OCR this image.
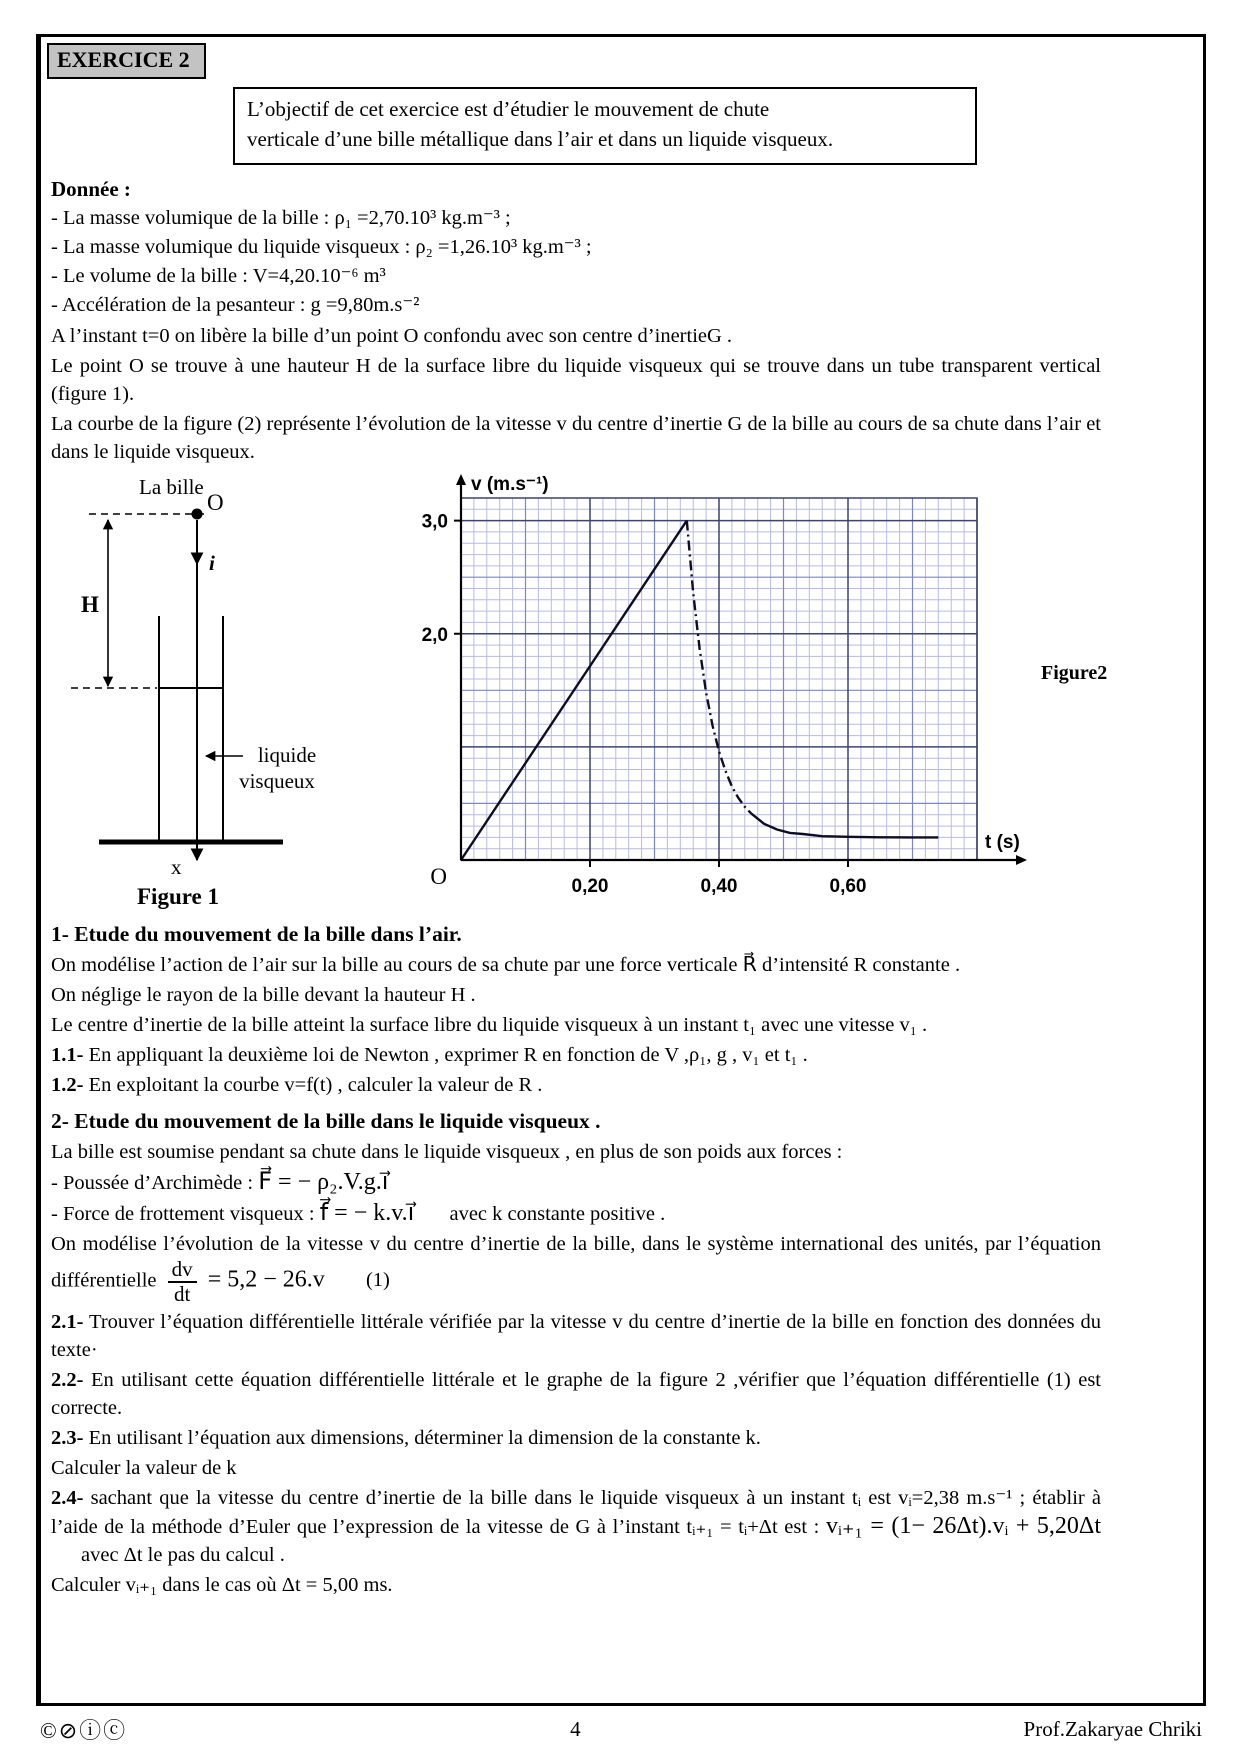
EXERCICE 2
L’objectif de cet exercice est d’étudier le mouvement de chute
verticale d’une bille métallique dans l’air et dans un liquide visqueux.
Donnée :
- La masse volumique de la bille : ρ₁ =2,70.10³ kg.m⁻³ ;
- La masse volumique du liquide visqueux : ρ₂ =1,26.10³ kg.m⁻³ ;
- Le volume de la bille : V=4,20.10⁻⁶ m³
- Accélération de la pesanteur : g =9,80m.s⁻²

A l’instant t=0 on libère la bille d’un point O confondu avec son centre d’inertieG .

Le point O se trouve à une hauteur H de la surface libre du liquide visqueux qui se trouve dans un tube transparent vertical (figure 1).

La courbe de la figure (2) représente l’évolution de la vitesse v du centre d’inertie G de la bille au cours de sa chute dans l’air et dans le liquide visqueux.

La bille
O
i⃗
H
liquide
visqueux
x
Figure 1	0,20	0,40	0,60
2,0
3,0
v (m.s⁻¹)
t (s)
O
Figure2
1- Etude du mouvement de la bille dans l’air.

On modélise l’action de l’air sur la bille au cours de sa chute par une force verticale R⃗ d’intensité R constante .

On néglige le rayon de la bille devant la hauteur H .

Le centre d’inertie de la bille atteint la surface libre du liquide visqueux à un instant t₁ avec une vitesse v₁ .

1.1- En appliquant la deuxième loi de Newton , exprimer R en fonction de V ,ρ₁, g , v₁ et t₁ .

1.2- En exploitant la courbe v=f(t) , calculer la valeur de R .

2- Etude du mouvement de la bille dans le liquide visqueux .

La bille est soumise pendant sa chute dans le liquide visqueux , en plus de son poids aux forces :

- Poussée d’Archimède : F⃗ = − ρ₂.V.g.i⃗

- Force de frottement visqueux : f⃗ = − k.v.i⃗ avec k constante positive .

On modélise l’évolution de la vitesse v du centre d’inertie de la bille, dans le système international des unités, par l’équation différentielle $\frac{dv}{dt} = 5,2 - 26.v$ (1)

2.1- Trouver l’équation différentielle littérale vérifiée par la vitesse v du centre d’inertie de la bille en fonction des données du texte·

2.2- En utilisant cette équation différentielle littérale et le graphe de la figure 2 ,vérifier que l’équation différentielle (1) est correcte.

2.3- En utilisant l’équation aux dimensions, déterminer la dimension de la constante k.

Calculer la valeur de k

2.4- sachant que la vitesse du centre d’inertie de la bille dans le liquide visqueux à un instant tᵢ est vᵢ=2,38 m.s⁻¹ ; établir à l’aide de la méthode d’Euler que l’expression de la vitesse de G à l’instant tᵢ₊₁ = tᵢ+Δt est : vᵢ₊₁ = (1− 26Δt).vᵢ + 5,20Δt avec Δt le pas du calcul .

Calculer vᵢ₊₁ dans le cas où Δt = 5,00 ms.

©⊘ⓘⓒ	4	Prof.Zakaryae Chriki
